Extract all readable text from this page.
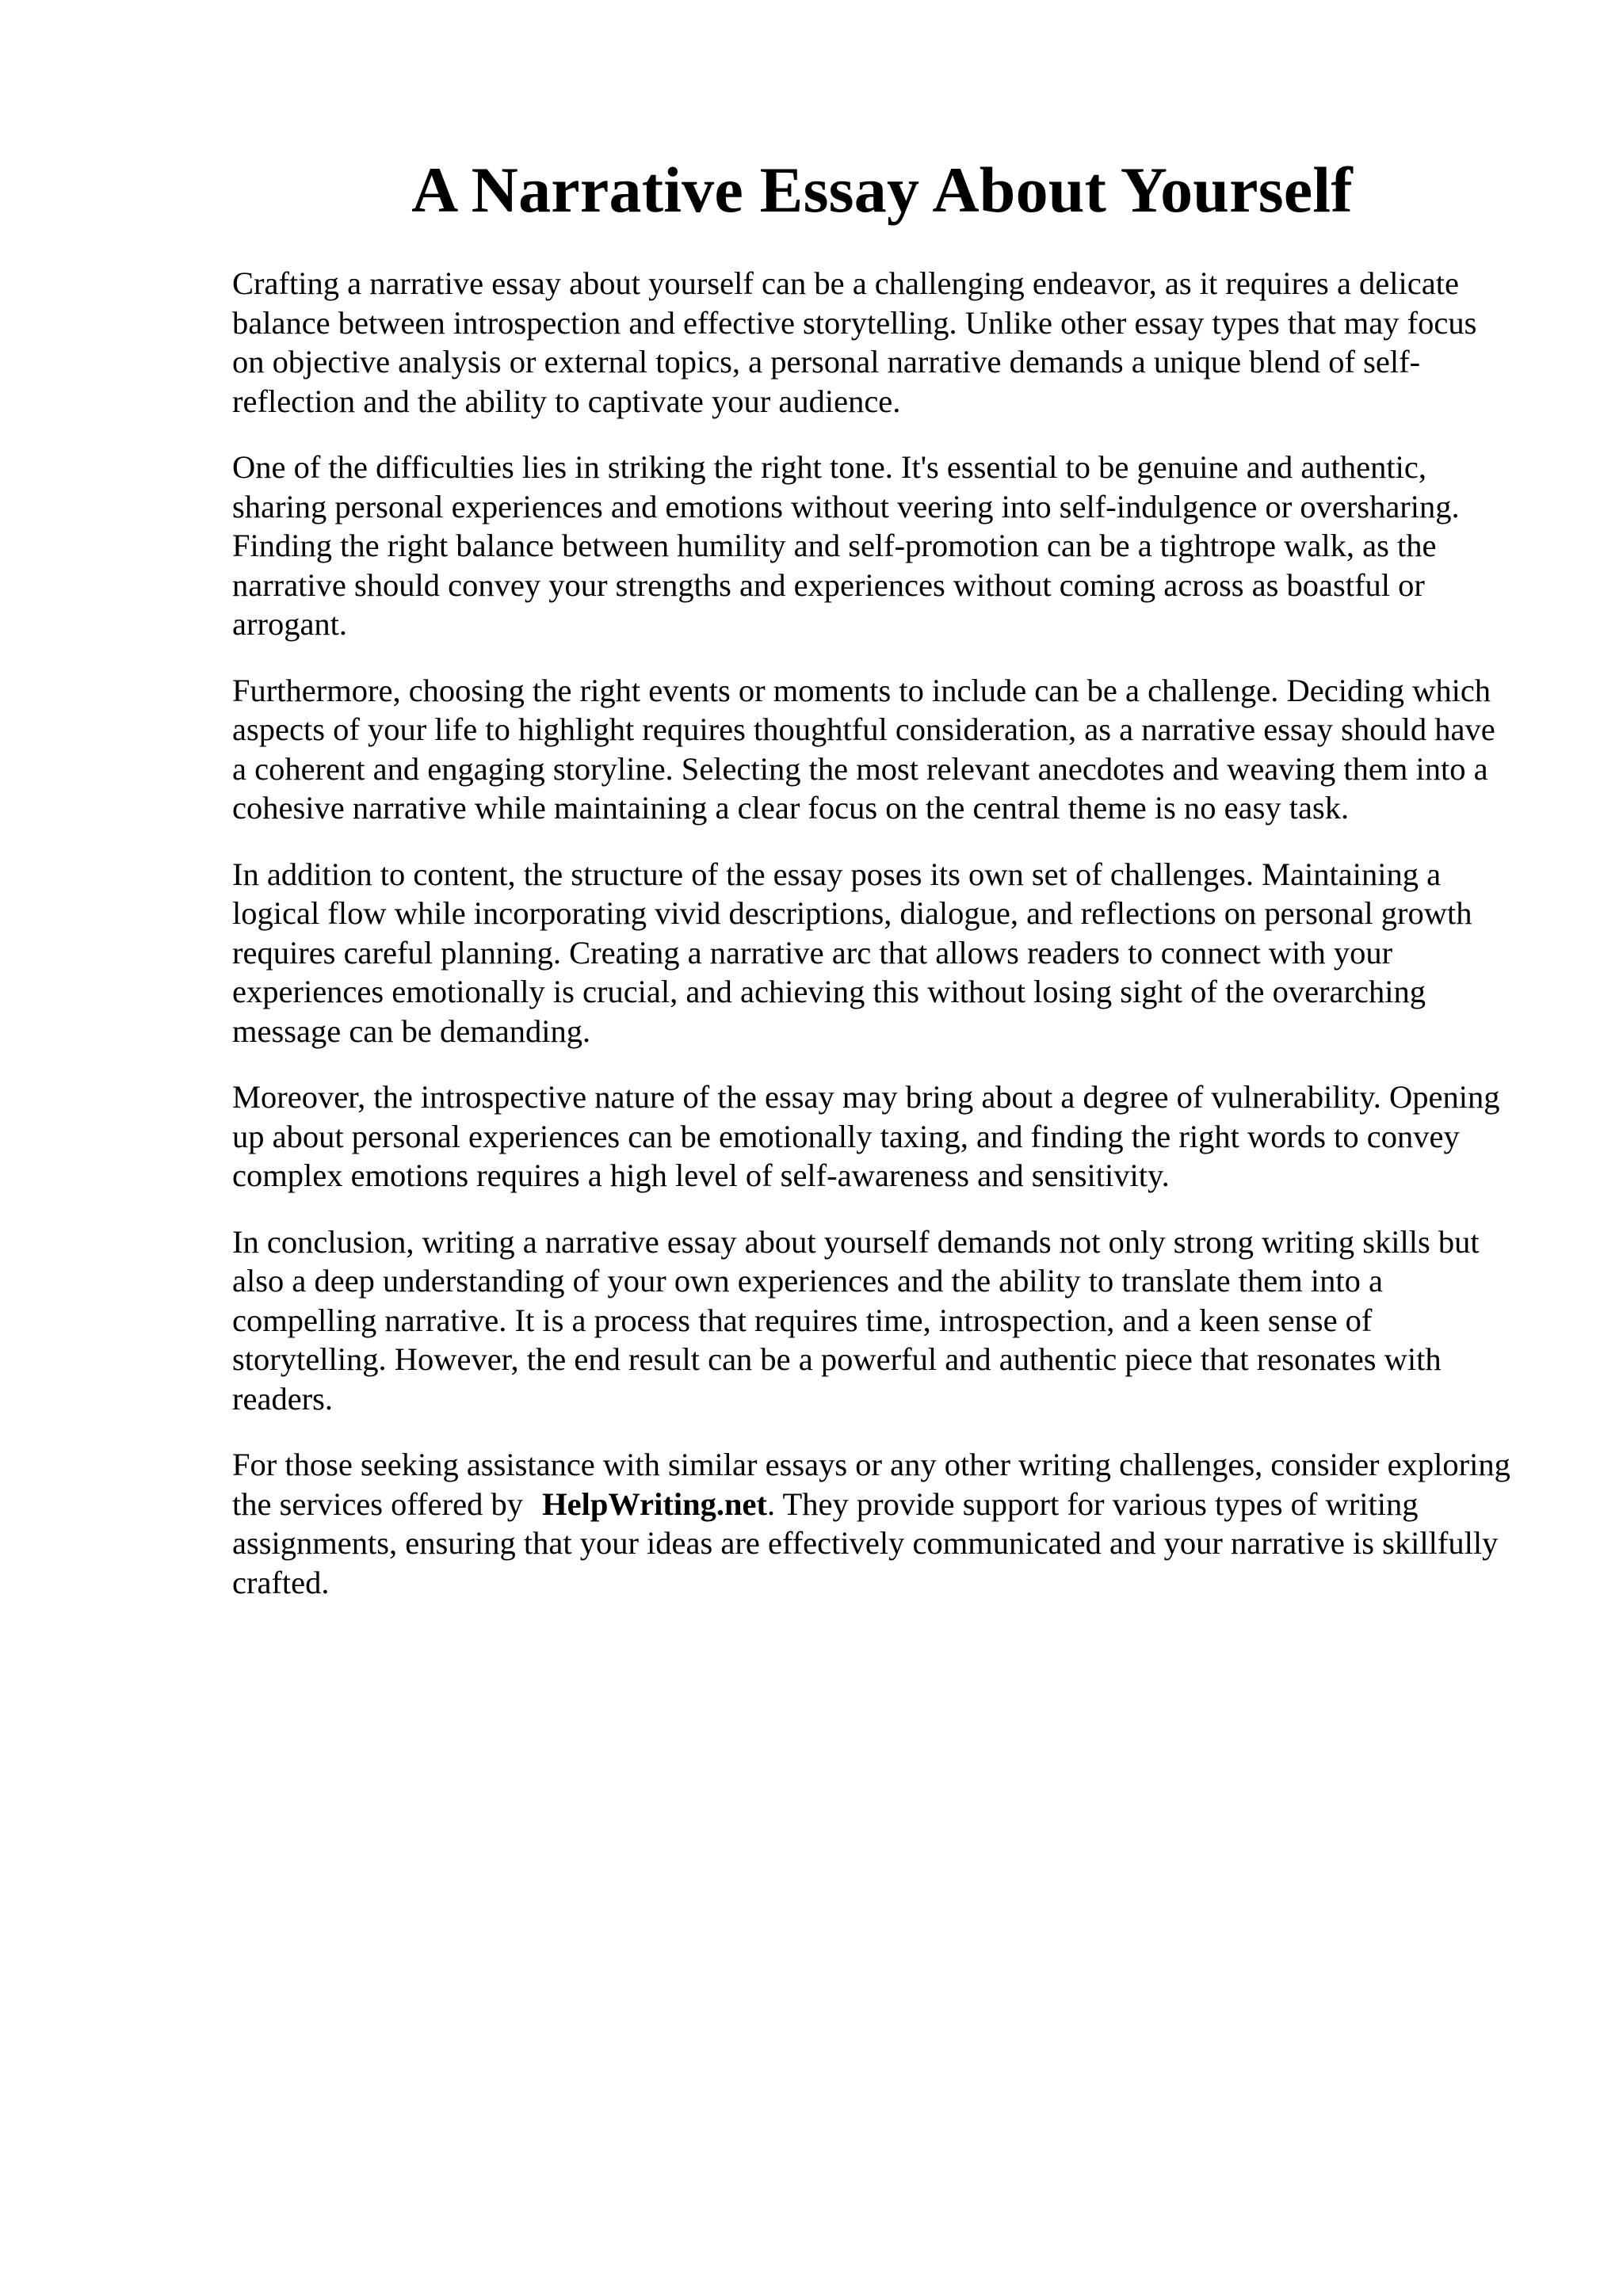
A Narrative Essay About Yourself

Crafting a narrative essay about yourself can be a challenging endeavor, as it requires a delicate balance between introspection and effective storytelling. Unlike other essay types that may focus on objective analysis or external topics, a personal narrative demands a unique blend of self-reflection and the ability to captivate your audience.

One of the difficulties lies in striking the right tone. It's essential to be genuine and authentic, sharing personal experiences and emotions without veering into self-indulgence or oversharing. Finding the right balance between humility and self-promotion can be a tightrope walk, as the narrative should convey your strengths and experiences without coming across as boastful or arrogant.

Furthermore, choosing the right events or moments to include can be a challenge. Deciding which aspects of your life to highlight requires thoughtful consideration, as a narrative essay should have a coherent and engaging storyline. Selecting the most relevant anecdotes and weaving them into a cohesive narrative while maintaining a clear focus on the central theme is no easy task.

In addition to content, the structure of the essay poses its own set of challenges. Maintaining a logical flow while incorporating vivid descriptions, dialogue, and reflections on personal growth requires careful planning. Creating a narrative arc that allows readers to connect with your experiences emotionally is crucial, and achieving this without losing sight of the overarching message can be demanding.

Moreover, the introspective nature of the essay may bring about a degree of vulnerability. Opening up about personal experiences can be emotionally taxing, and finding the right words to convey complex emotions requires a high level of self-awareness and sensitivity.

In conclusion, writing a narrative essay about yourself demands not only strong writing skills but also a deep understanding of your own experiences and the ability to translate them into a compelling narrative. It is a process that requires time, introspection, and a keen sense of storytelling. However, the end result can be a powerful and authentic piece that resonates with readers.

For those seeking assistance with similar essays or any other writing challenges, consider exploring the services offered by HelpWriting.net. They provide support for various types of writing assignments, ensuring that your ideas are effectively communicated and your narrative is skillfully crafted.
